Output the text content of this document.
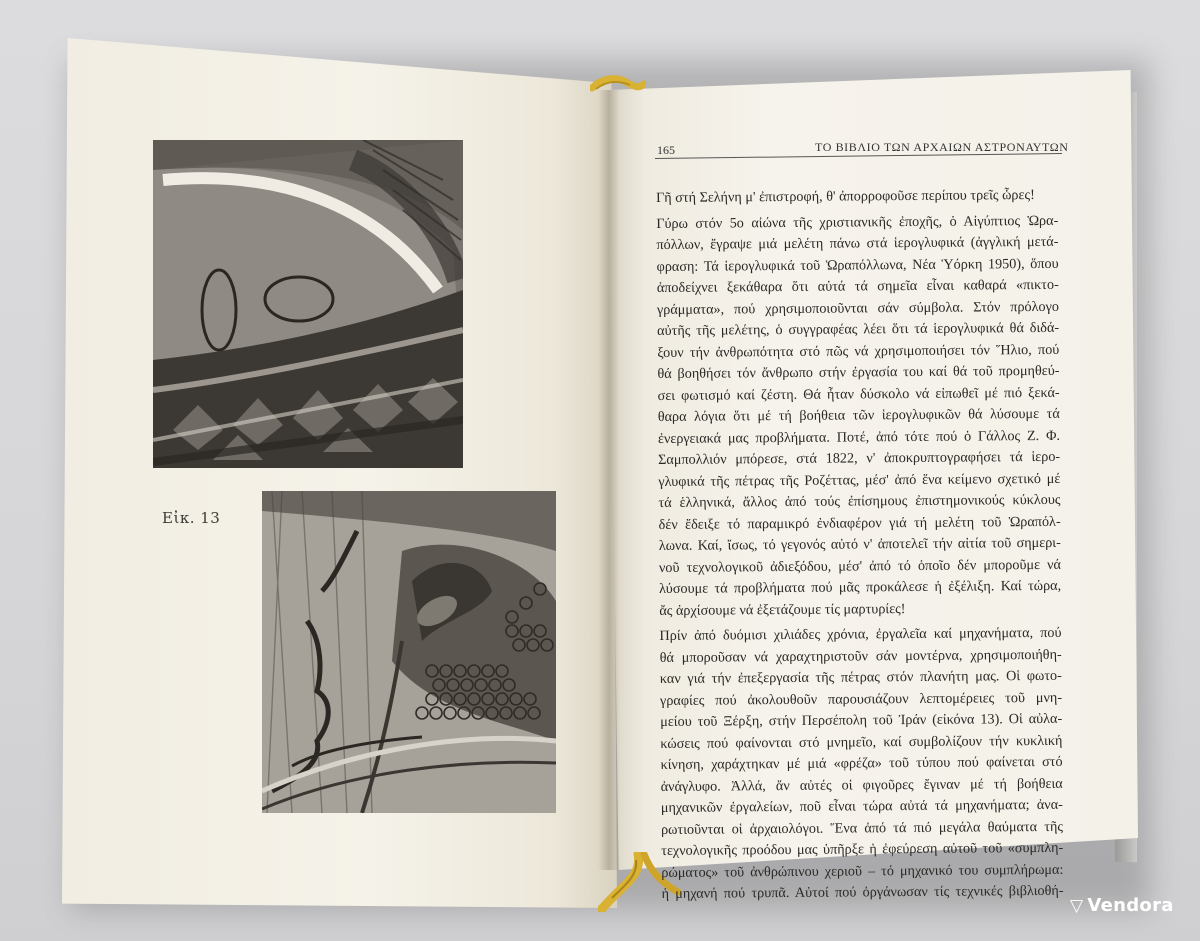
Εἰκ. 13
165	ΤΟ ΒΙΒΛΙΟ ΤΩΝ ΑΡΧΑΙΩΝ ΑΣΤΡΟΝΑΥΤΩΝ

Γῆ στή Σελήνη μ' ἐπιστροφή, θ' ἀπορροφοῦσε περίπου τρεῖς ὧρες!

Γύρω στόν 5ο αἰώνα τῆς χριστιανικῆς ἐποχῆς, ὁ Αἰγύπτιος Ὡρα-
πόλλων, ἔγραψε μιά μελέτη πάνω στά ἱερογλυφικά (ἀγγλική μετά-
φραση: Τά ἱερογλυφικά τοῦ Ὡραπόλλωνα, Νέα Ὑόρκη 1950), ὅπου
ἀποδείχνει ξεκάθαρα ὅτι αὐτά τά σημεῖα εἶναι καθαρά «πικτο-
γράμματα», πού χρησιμοποιοῦνται σάν σύμβολα. Στόν πρόλογο
αὐτῆς τῆς μελέτης, ὁ συγγραφέας λέει ὅτι τά ἱερογλυφικά θά διδά-
ξουν τήν ἀνθρωπότητα στό πῶς νά χρησιμοποιήσει τόν Ἥλιο, πού
θά βοηθήσει τόν ἄνθρωπο στήν ἐργασία του καί θά τοῦ προμηθεύ-
σει φωτισμό καί ζέστη. Θά ἦταν δύσκολο νά εἰπωθεῖ μέ πιό ξεκά-
θαρα λόγια ὅτι μέ τή βοήθεια τῶν ἱερογλυφικῶν θά λύσουμε τά
ἐνεργειακά μας προβλήματα. Ποτέ, ἀπό τότε πού ὁ Γάλλος Ζ. Φ.
Σαμπολλιόν μπόρεσε, στά 1822, ν' ἀποκρυπτογραφήσει τά ἱερο-
γλυφικά τῆς πέτρας τῆς Ροζέττας, μέσ' ἀπό ἕνα κείμενο σχετικό μέ
τά ἑλληνικά, ἄλλος ἀπό τούς ἐπίσημους ἐπιστημονικούς κύκλους
δέν ἔδειξε τό παραμικρό ἐνδιαφέρον γιά τή μελέτη τοῦ Ὡραπόλ-
λωνα. Καί, ἴσως, τό γεγονός αὐτό ν' ἀποτελεῖ τήν αἰτία τοῦ σημερι-
νοῦ τεχνολογικοῦ ἀδιεξόδου, μέσ' ἀπό τό ὁποῖο δέν μποροῦμε νά
λύσουμε τά προβλήματα πού μᾶς προκάλεσε ἡ ἐξέλιξη. Καί τώρα,
ἄς ἀρχίσουμε νά ἐξετάζουμε τίς μαρτυρίες!

Πρίν ἀπό δυόμισι χιλιάδες χρόνια, ἐργαλεῖα καί μηχανήματα, πού
θά μποροῦσαν νά χαραχτηριστοῦν σάν μοντέρνα, χρησιμοποιήθη-
καν γιά τήν ἐπεξεργασία τῆς πέτρας στόν πλανήτη μας. Οἱ φωτο-
γραφίες πού ἀκολουθοῦν παρουσιάζουν λεπτομέρειες τοῦ μνη-
μείου τοῦ Ξέρξη, στήν Περσέπολη τοῦ Ἰράν (εἰκόνα 13). Οἱ αὐλα-
κώσεις πού φαίνονται στό μνημεῖο, καί συμβολίζουν τήν κυκλική
κίνηση, χαράχτηκαν μέ μιά «φρέζα» τοῦ τύπου πού φαίνεται στό
ἀνάγλυφο. Ἀλλά, ἄν αὐτές οἱ φιγοῦρες ἔγιναν μέ τή βοήθεια
μηχανικῶν ἐργαλείων, ποῦ εἶναι τώρα αὐτά τά μηχανήματα; ἀνα-
ρωτιοῦνται οἱ ἀρχαιολόγοι. Ἕνα ἀπό τά πιό μεγάλα θαύματα τῆς
τεχνολογικῆς προόδου μας ὑπῆρξε ἡ ἐφεύρεση αὐτοῦ τοῦ «συμπλη-
ρώματος» τοῦ ἀνθρώπινου χεριοῦ – τό μηχανικό του συμπλήρωμα:
ἡ μηχανή πού τρυπᾶ. Αὐτοί πού ὀργάνωσαν τίς τεχνικές βιβλιοθή-

▽ Vendora
